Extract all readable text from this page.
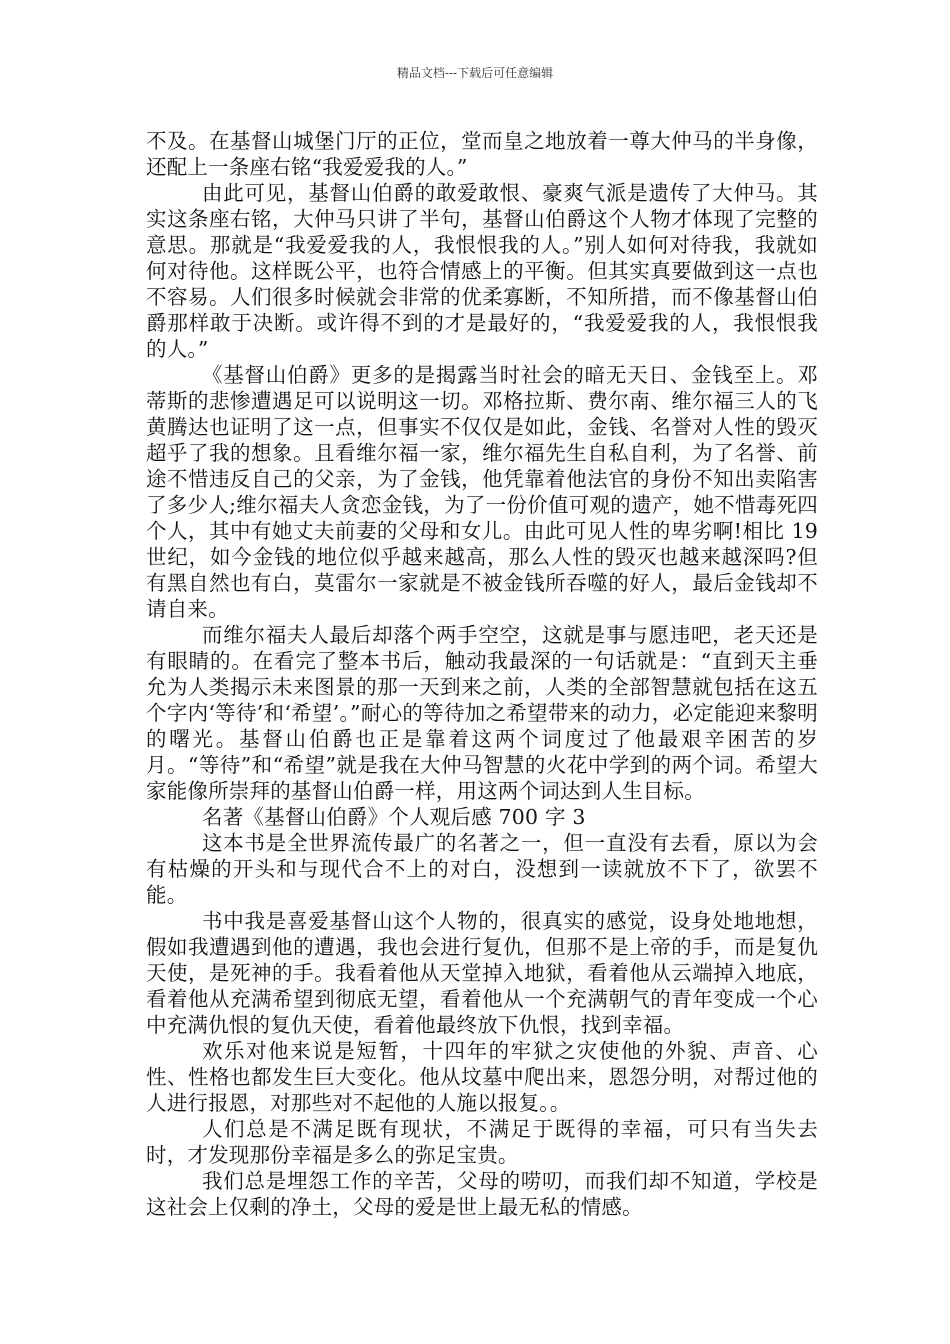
精品文档---下载后可任意编辑

不及。在基督山城堡门厅的正位，堂而皇之地放着一尊大仲马的半身像，还配上一条座右铭“我爱爱我的人。”

由此可见，基督山伯爵的敢爱敢恨、豪爽气派是遗传了大仲马。其实这条座右铭，大仲马只讲了半句，基督山伯爵这个人物才体现了完整的意思。那就是“我爱爱我的人，我恨恨我的人。”别人如何对待我，我就如何对待他。这样既公平，也符合情感上的平衡。但其实真要做到这一点也不容易。人们很多时候就会非常的优柔寡断，不知所措，而不像基督山伯爵那样敢于决断。或许得不到的才是最好的，“我爱爱我的人，我恨恨我的人。”

《基督山伯爵》更多的是揭露当时社会的暗无天日、金钱至上。邓蒂斯的悲惨遭遇足可以说明这一切。邓格拉斯、费尔南、维尔福三人的飞黄腾达也证明了这一点，但事实不仅仅是如此，金钱、名誉对人性的毁灭超乎了我的想象。且看维尔福一家，维尔福先生自私自利，为了名誉、前途不惜违反自己的父亲，为了金钱，他凭靠着他法官的身份不知出卖陷害了多少人;维尔福夫人贪恋金钱，为了一份价值可观的遗产，她不惜毒死四个人，其中有她丈夫前妻的父母和女儿。由此可见人性的卑劣啊!相比 19 世纪，如今金钱的地位似乎越来越高，那么人性的毁灭也越来越深吗?但有黑自然也有白，莫雷尔一家就是不被金钱所吞噬的好人，最后金钱却不请自来。

而维尔福夫人最后却落个两手空空，这就是事与愿违吧，老天还是有眼睛的。在看完了整本书后，触动我最深的一句话就是：“直到天主垂允为人类揭示未来图景的那一天到来之前，人类的全部智慧就包括在这五个字内‘等待’和‘希望’。”耐心的等待加之希望带来的动力，必定能迎来黎明的曙光。基督山伯爵也正是靠着这两个词度过了他最艰辛困苦的岁月。“等待”和“希望”就是我在大仲马智慧的火花中学到的两个词。希望大家能像所崇拜的基督山伯爵一样，用这两个词达到人生目标。

名著《基督山伯爵》个人观后感 700 字 3

这本书是全世界流传最广的名著之一，但一直没有去看，原以为会有枯燥的开头和与现代合不上的对白，没想到一读就放不下了，欲罢不能。

书中我是喜爱基督山这个人物的，很真实的感觉，设身处地地想，假如我遭遇到他的遭遇，我也会进行复仇，但那不是上帝的手，而是复仇天使，是死神的手。我看着他从天堂掉入地狱，看着他从云端掉入地底，看着他从充满希望到彻底无望，看着他从一个充满朝气的青年变成一个心中充满仇恨的复仇天使，看着他最终放下仇恨，找到幸福。

欢乐对他来说是短暂，十四年的牢狱之灾使他的外貌、声音、心性、性格也都发生巨大变化。他从坟墓中爬出来，恩怨分明，对帮过他的人进行报恩，对那些对不起他的人施以报复。。

人们总是不满足既有现状，不满足于既得的幸福，可只有当失去时，才发现那份幸福是多么的弥足宝贵。

我们总是埋怨工作的辛苦，父母的唠叨，而我们却不知道，学校是这社会上仅剩的净土，父母的爱是世上最无私的情感。
